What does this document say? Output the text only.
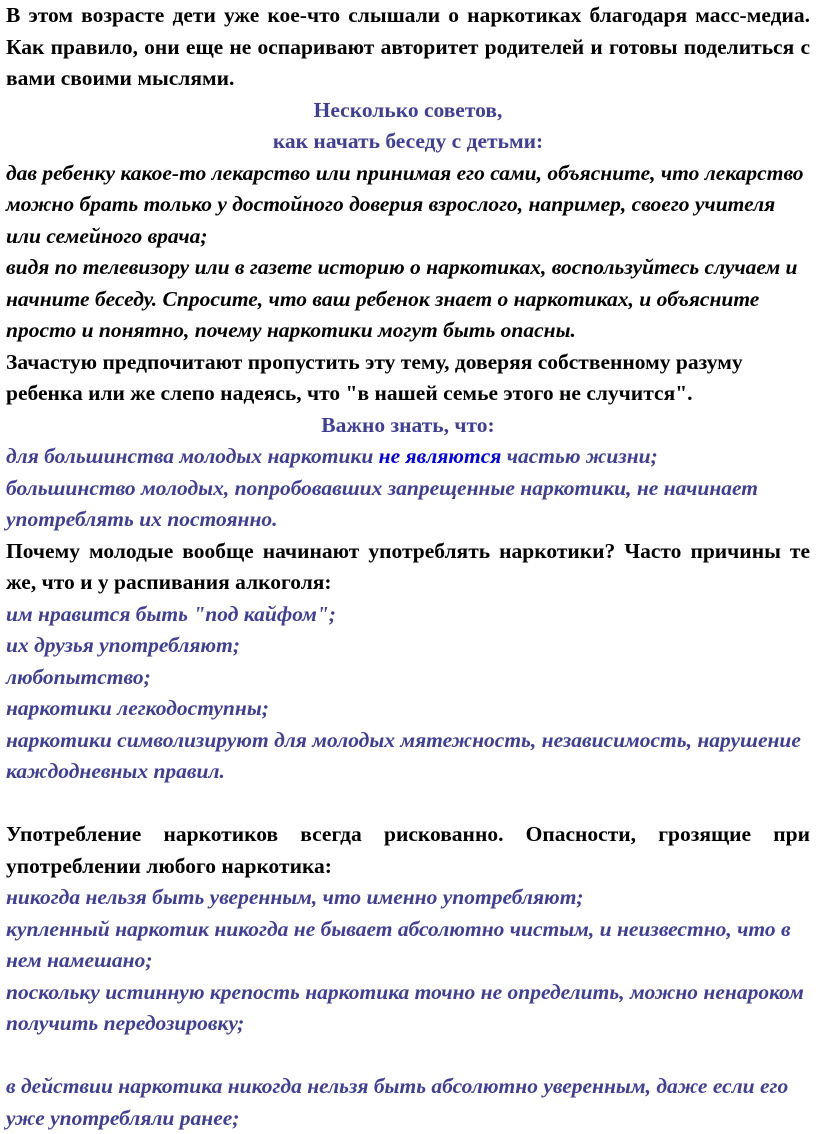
В этом возрасте дети уже кое-что слышали о наркотиках благодаря масс-медиа. Как правило, они еще не оспаривают авторитет родителей и готовы поделиться с вами своими мыслями.

Несколько советов,

как начать беседу с детьми:

дав ребенку какое-то лекарство или принимая его сами, объясните, что лекарство можно брать только у достойного доверия взрослого, например, своего учителя или семейного врача;

видя по телевизору или в газете историю о наркотиках, воспользуйтесь случаем и начните беседу. Спросите, что ваш ребенок знает о наркотиках, и объясните просто и понятно, почему наркотики могут быть опасны.

Зачастую предпочитают пропустить эту тему, доверяя собственному разуму ребенка или же слепо надеясь, что "в нашей семье этого не случится".

Важно знать, что:

для большинства молодых наркотики не являются частью жизни;

большинство молодых, попробовавших запрещенные наркотики, не начинает употреблять их постоянно.

Почему молодые вообще начинают употреблять наркотики? Часто причины те же, что и у распивания алкоголя:

им нравится быть "под кайфом";

их друзья употребляют;

любопытство;

наркотики легкодоступны;

наркотики символизируют для молодых мятежность, независимость, нарушение каждодневных правил.

Употребление наркотиков всегда рискованно. Опасности, грозящие при употреблении любого наркотика:

никогда нельзя быть уверенным, что именно употребляют;

купленный наркотик никогда не бывает абсолютно чистым, и неизвестно, что в нем намешано;

поскольку истинную крепость наркотика точно не определить, можно ненароком получить передозировку;

в действии наркотика никогда нельзя быть абсолютно уверенным, даже если его уже употребляли ранее;
